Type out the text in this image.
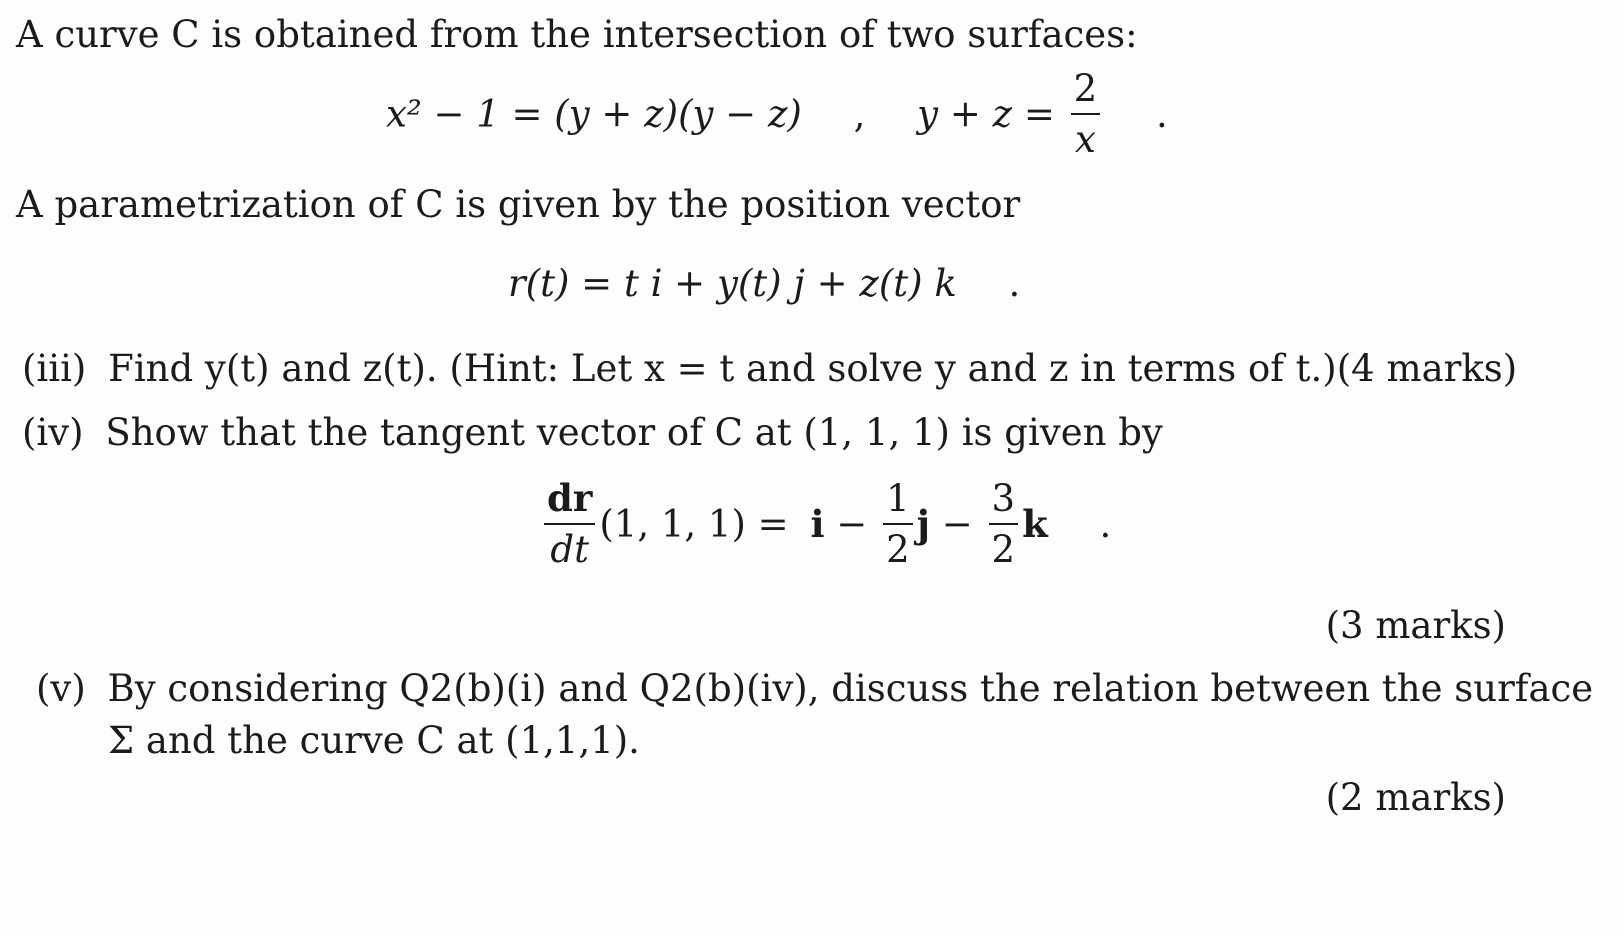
A curve C is obtained from the intersection of two surfaces:
x² − 1 = (y + z)(y − z) , $y + z = \frac{2}{x}$ .
A parametrization of C is given by the position vector
r(t) = t i + y(t) j + z(t) k .
(iii) Find y(t) and z(t). (Hint: Let x = t and solve y and z in terms of t.)(4 marks)
(iv) Show that the tangent vector of C at (1, 1, 1) is given by
$\frac{dr}{dt} (1$, 1, $1) = i - \frac{1}{2}$ $j - \frac{3}{2}$ k .
(3 marks)
(v) By considering Q2(b)(i) and Q2(b)(iv), discuss the relation between the surface
Σ and the curve C at (1,1,1).
(2 marks)
